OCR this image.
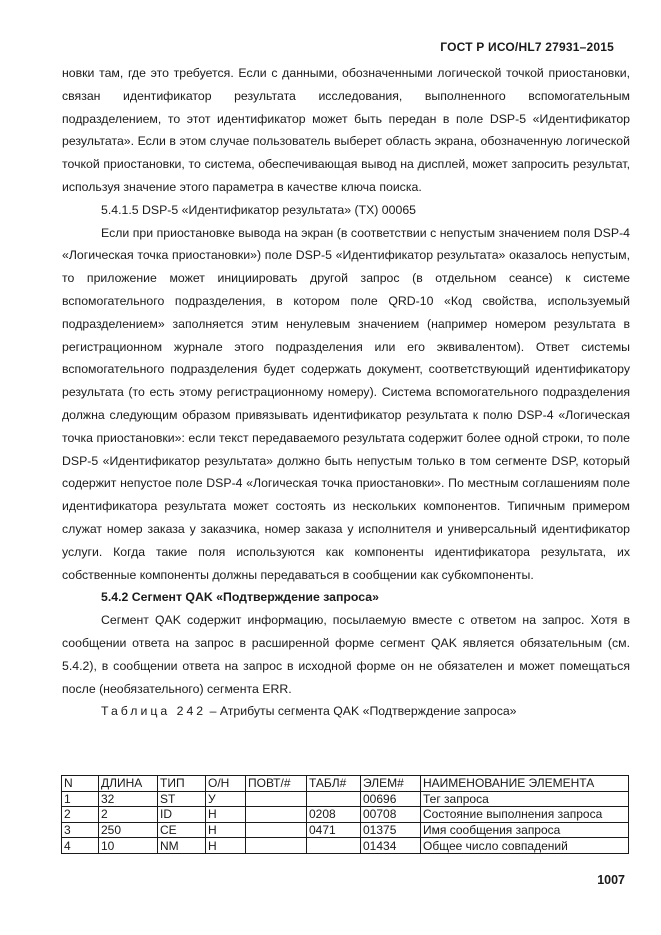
ГОСТ Р ИСО/HL7 27931–2015

новки там, где это требуется. Если с данными, обозначенными логической точкой приостановки, связан идентификатор результата исследования, выполненного вспомогательным подразделением, то этот идентификатор может быть передан в поле DSP-5 «Идентификатор результата». Если в этом случае пользователь выберет область экрана, обозначенную логической точкой приостановки, то система, обеспечивающая вывод на дисплей, может запросить результат, используя значение этого параметра в качестве ключа поиска.

5.4.1.5 DSP-5 «Идентификатор результата» (TX) 00065

Если при приостановке вывода на экран (в соответствии с непустым значением поля DSP-4 «Логическая точка приостановки») поле DSP-5 «Идентификатор результата» оказалось непустым, то приложение может инициировать другой запрос (в отдельном сеансе) к системе вспомогательного подразделения, в котором поле QRD-10 «Код свойства, используемый подразделением» заполняется этим ненулевым значением (например номером результата в регистрационном журнале этого подразделения или его эквивалентом). Ответ системы вспомогательного подразделения будет содержать документ, соответствующий идентификатору результата (то есть этому регистрационному номеру). Система вспомогательного подразделения должна следующим образом привязывать идентификатор результата к полю DSP-4 «Логическая точка приостановки»: если текст передаваемого результата содержит более одной строки, то поле DSP-5 «Идентификатор результата» должно быть непустым только в том сегменте DSP, который содержит непустое поле DSP-4 «Логическая точка приостановки». По местным соглашениям поле идентификатора результата может состоять из нескольких компонентов. Типичным примером служат номер заказа у заказчика, номер заказа у исполнителя и универсальный идентификатор услуги. Когда такие поля используются как компоненты идентификатора результата, их собственные компоненты должны передаваться в сообщении как субкомпоненты.

5.4.2 Сегмент QAK «Подтверждение запроса»

Сегмент QAK содержит информацию, посылаемую вместе с ответом на запрос. Хотя в сообщении ответа на запрос в расширенной форме сегмент QAK является обязательным (см. 5.4.2), в сообщении ответа на запрос в исходной форме он не обязателен и может помещаться после (необязательного) сегмента ERR.

Таблица 242 – Атрибуты сегмента QAK «Подтверждение запроса»

N	ДЛИНА	ТИП	О/Н	ПОВТ/#	ТАБЛ#	ЭЛЕМ#	НАИМЕНОВАНИЕ ЭЛЕМЕНТА
1	32	ST	У			00696	Тег запроса
2	2	ID	Н		0208	00708	Состояние выполнения запроса
3	250	CE	Н		0471	01375	Имя сообщения запроса
4	10	NM	Н			01434	Общее число совпадений
1007
